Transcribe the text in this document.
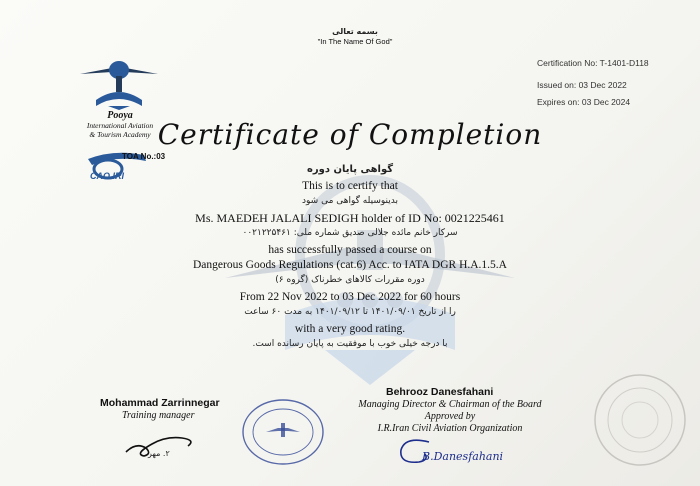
بسمه تعالی
"In The Name Of God"
Certification No: T-1401-D118
Issued on: 03 Dec 2022
Expires on: 03 Dec 2024
Pooya
International Aviation
& Tourism Academy
TOA No.:03
CAO.IRI
Certificate of Completion
گواهی پایان دوره
This is to certify that
بدینوسیله گواهی می شود
Ms. MAEDEH JALALI SEDIGH holder of ID No: 0021225461
سرکار خانم مائده جلالی صدیق شماره ملی: ۰۰۲۱۲۲۵۴۶۱
has successfully passed a course on
Dangerous Goods Regulations (cat.6) Acc. to IATA DGR H.A.1.5.A
دوره مقررات کالاهای خطرناک (گروه ۶)
From 22 Nov 2022 to 03 Dec 2022 for 60 hours
را از تاریخ ۱۴۰۱/۰۹/۰۱ تا ۱۴۰۱/۰۹/۱۲ به مدت ۶۰ ساعت
with a very good rating.
با درجه خیلی خوب با موفقیت به پایان رسانده است.
Mohammad Zarrinnegar
Training manager
۲. مهر
Behrooz Danesfahani
Managing Director & Chairman of the Board
Approved by
I.R.Iran Civil Aviation Organization
B.Danesfahani
